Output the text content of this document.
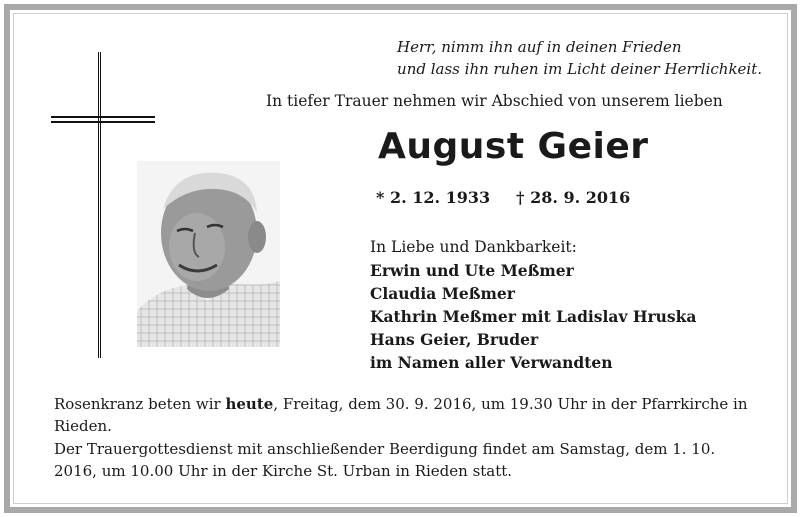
Herr, nimm ihn auf in deinen Frieden
und lass ihn ruhen im Licht deiner Herrlichkeit.
In tiefer Trauer nehmen wir Abschied von unserem lieben
August Geier
* 2. 12. 1933 † 28. 9. 2016
In Liebe und Dankbarkeit:
Erwin und Ute Meßmer
Claudia Meßmer
Kathrin Meßmer mit Ladislav Hruska
Hans Geier, Bruder
im Namen aller Verwandten

Rosenkranz beten wir heute, Freitag, dem 30. 9. 2016, um 19.30 Uhr in der Pfarrkirche in Rieden.

Der Trauergottesdienst mit anschließender Beerdigung findet am Samstag, dem 1. 10. 2016, um 10.00 Uhr in der Kirche St. Urban in Rieden statt.
